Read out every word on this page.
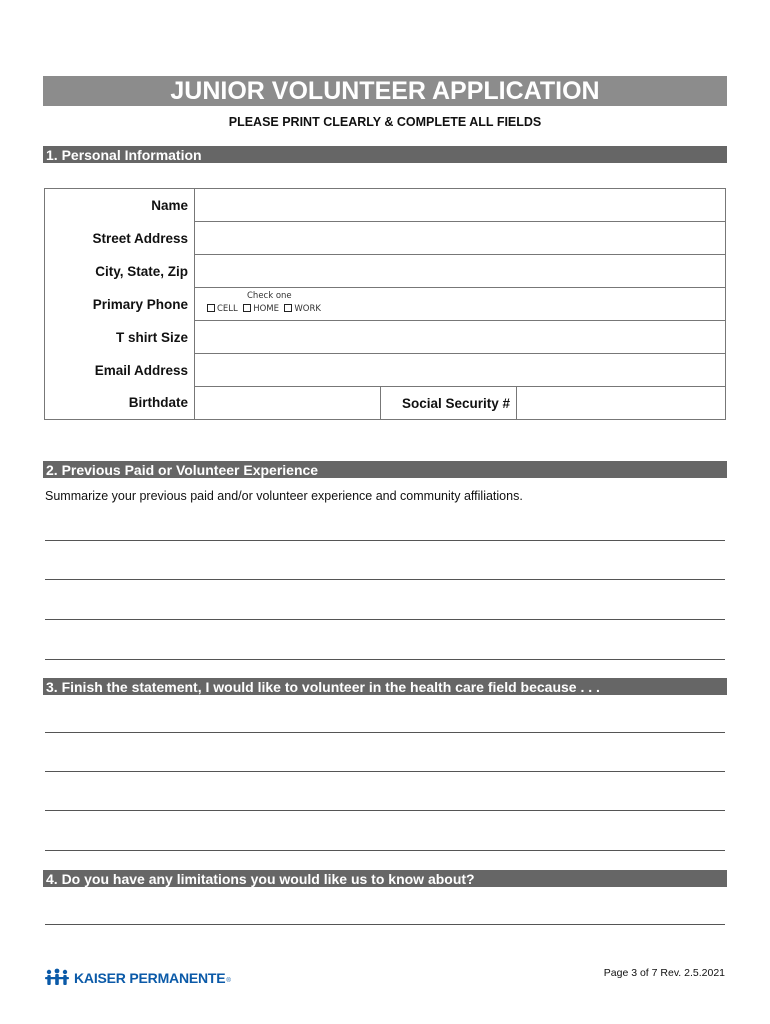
JUNIOR VOLUNTEER APPLICATION
PLEASE PRINT CLEARLY & COMPLETE ALL FIELDS
1. Personal Information
Name			
Street Address			
City, State, Zip			
Primary Phone	Check one
CELL HOME WORK		

T shirt Size			
Email Address			
Birthdate		Social Security #	
2. Previous Paid or Volunteer Experience
Summarize your previous paid and/or volunteer experience and community affiliations.
3. Finish the statement, I would like to volunteer in the health care field because . . .
4. Do you have any limitations you would like us to know about?
KAISER PERMANENTE ®
Page 3 of 7 Rev. 2.5.2021
